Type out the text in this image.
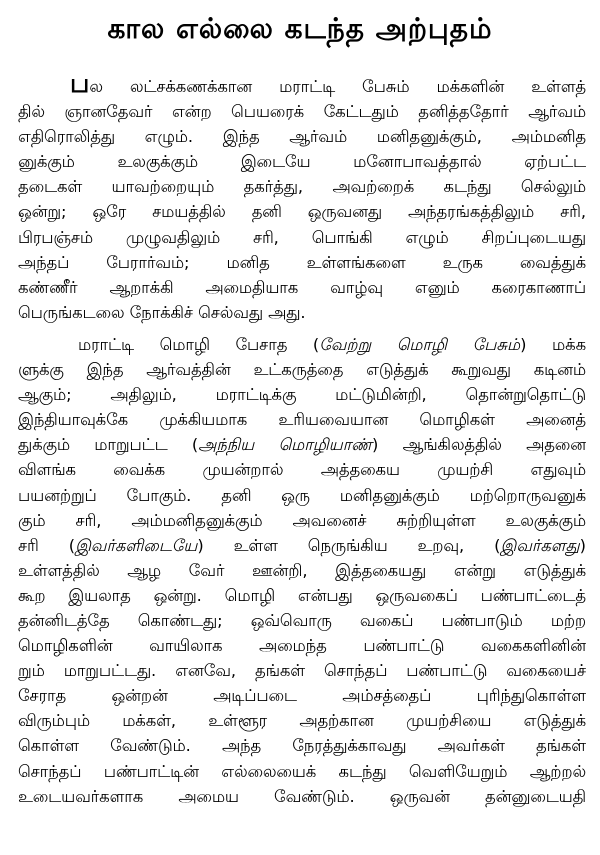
கால எல்லை கடந்த அற்புதம்
பல லட்சக்கணக்கான மராட்டி பேசும் மக்களின் உள்ளத்
தில் ஞானதேவர் என்ற பெயரைக் கேட்டதும் தனித்ததோர் ஆர்வம்
எதிரொலித்து எழும். இந்த ஆர்வம் மனிதனுக்கும், அம்மனித
னுக்கும் உலகுக்கும் இடையே மனோபாவத்தால் ஏற்பட்ட
தடைகள் யாவற்றையும் தகர்த்து, அவற்றைக் கடந்து செல்லும்
ஒன்று; ஒரே சமயத்தில் தனி ஒருவனது அந்தரங்கத்திலும் சரி,
பிரபஞ்சம் முழுவதிலும் சரி, பொங்கி எழும் சிறப்புடையது
அந்தப் பேரார்வம்; மனித உள்ளங்களை உருக வைத்துக்
கண்ணீர் ஆறாக்கி அமைதியாக வாழ்வு எனும் கரைகாணாப்
பெருங்கடலை நோக்கிச் செல்வது அது.
மராட்டி மொழி பேசாத (வேற்று மொழி பேசும்) மக்க
ளுக்கு இந்த ஆர்வத்தின் உட்கருத்தை எடுத்துக் கூறுவது கடினம்
ஆகும்; அதிலும், மராட்டிக்கு மட்டுமின்றி, தொன்றுதொட்டு
இந்தியாவுக்கே முக்கியமாக உரியவையான மொழிகள் அனைத்
துக்கும் மாறுபட்ட (அந்நிய மொழியாண்) ஆங்கிலத்தில் அதனை
விளங்க வைக்க முயன்றால் அத்தகைய முயற்சி எதுவும்
பயனற்றுப் போகும். தனி ஒரு மனிதனுக்கும் மற்றொருவனுக்
கும் சரி, அம்மனிதனுக்கும் அவனைச் சுற்றியுள்ள உலகுக்கும்
சரி (இவர்களிடையே) உள்ள நெருங்கிய உறவு, (இவர்களது)
உள்ளத்தில் ஆழ வேர் ஊன்றி, இத்தகையது என்று எடுத்துக்
கூற இயலாத ஒன்று. மொழி என்பது ஒருவகைப் பண்பாட்டைத்
தன்னிடத்தே கொண்டது; ஒவ்வொரு வகைப் பண்பாடும் மற்ற
மொழிகளின் வாயிலாக அமைந்த பண்பாட்டு வகைகளினின்
றும் மாறுபட்டது. எனவே, தங்கள் சொந்தப் பண்பாட்டு வகையைச்
சேராத ஒன்றன் அடிப்படை அம்சத்தைப் புரிந்துகொள்ள
விரும்பும் மக்கள், உள்ளூர அதற்கான முயற்சியை எடுத்துக்
கொள்ள வேண்டும். அந்த நேரத்துக்காவது அவர்கள் தங்கள்
சொந்தப் பண்பாட்டின் எல்லையைக் கடந்து வெளியேறும் ஆற்றல்
உடையவர்களாக அமைய வேண்டும். ஒருவன் தன்னுடையதி
